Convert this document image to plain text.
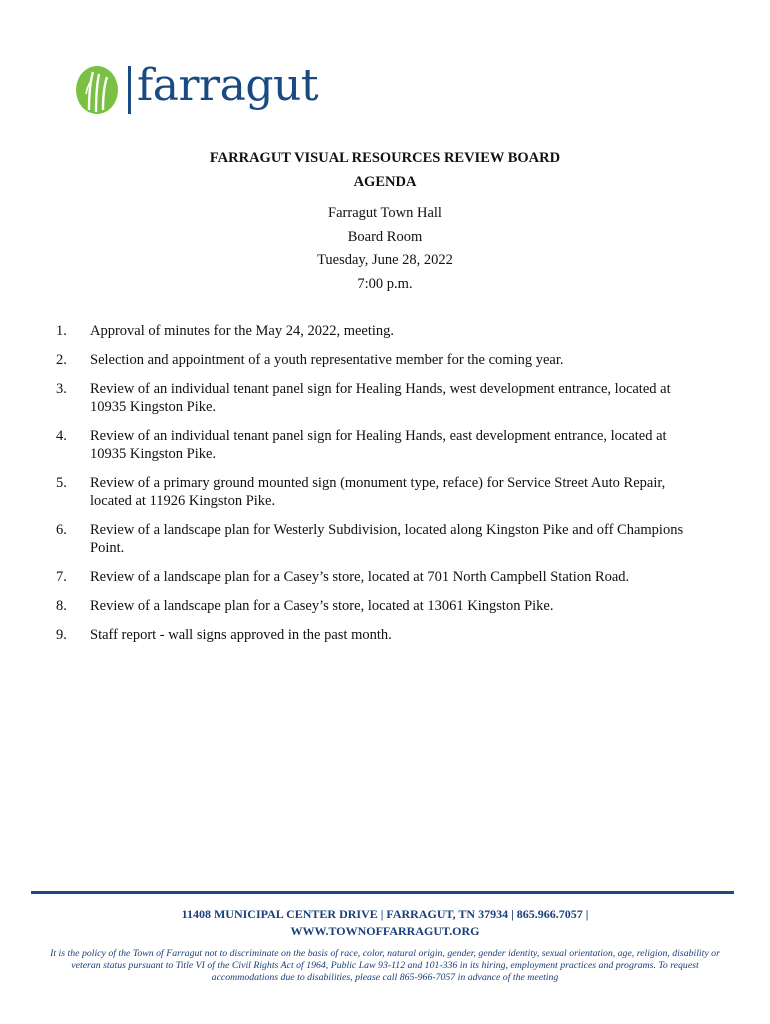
farragut
FARRAGUT VISUAL RESOURCES REVIEW BOARD
AGENDA
Farragut Town Hall
Board Room
Tuesday, June 28, 2022
7:00 p.m.
1.	Approval of minutes for the May 24, 2022, meeting.
2.	Selection and appointment of a youth representative member for the coming year.
3.	Review of an individual tenant panel sign for Healing Hands, west development entrance, located at 10935 Kingston Pike.
4.	Review of an individual tenant panel sign for Healing Hands, east development entrance, located at 10935 Kingston Pike.
5.	Review of a primary ground mounted sign (monument type, reface) for Service Street Auto Repair, located at 11926 Kingston Pike.
6.	Review of a landscape plan for Westerly Subdivision, located along Kingston Pike and off Champions Point.
7.	Review of a landscape plan for a Casey’s store, located at 701 North Campbell Station Road.
8.	Review of a landscape plan for a Casey’s store, located at 13061 Kingston Pike.
9.	Staff report - wall signs approved in the past month.
11408 MUNICIPAL CENTER DRIVE | FARRAGUT, TN 37934 | 865.966.7057 |
WWW.TOWNOFFARRAGUT.ORG
It is the policy of the Town of Farragut not to discriminate on the basis of race, color, natural origin, gender, gender identity, sexual orientation, age, religion, disability or veteran status pursuant to Title VI of the Civil Rights Act of 1964, Public Law 93-112 and 101-336 in its hiring, employment practices and programs. To request accommodations due to disabilities, please call 865-966-7057 in advance of the meeting
